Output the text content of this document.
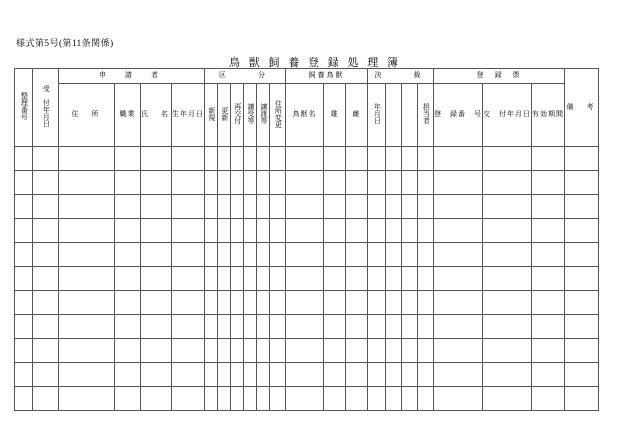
様式第5号(第11条関係)
鳥 獣 飼 養 登 録 処 理 簿
整理番号	受　付年月日	申　請　者				区　　分						飼養鳥獣			決　　裁				登　録　票			備　考
		住　所	職業	氏　名	生年月日	新規	更新	再交付	譲受等	譲渡等	住所変更	鳥獣名	雄	雌	年月日			担当者	登　録番　号	交　付年月日	有効期間	
